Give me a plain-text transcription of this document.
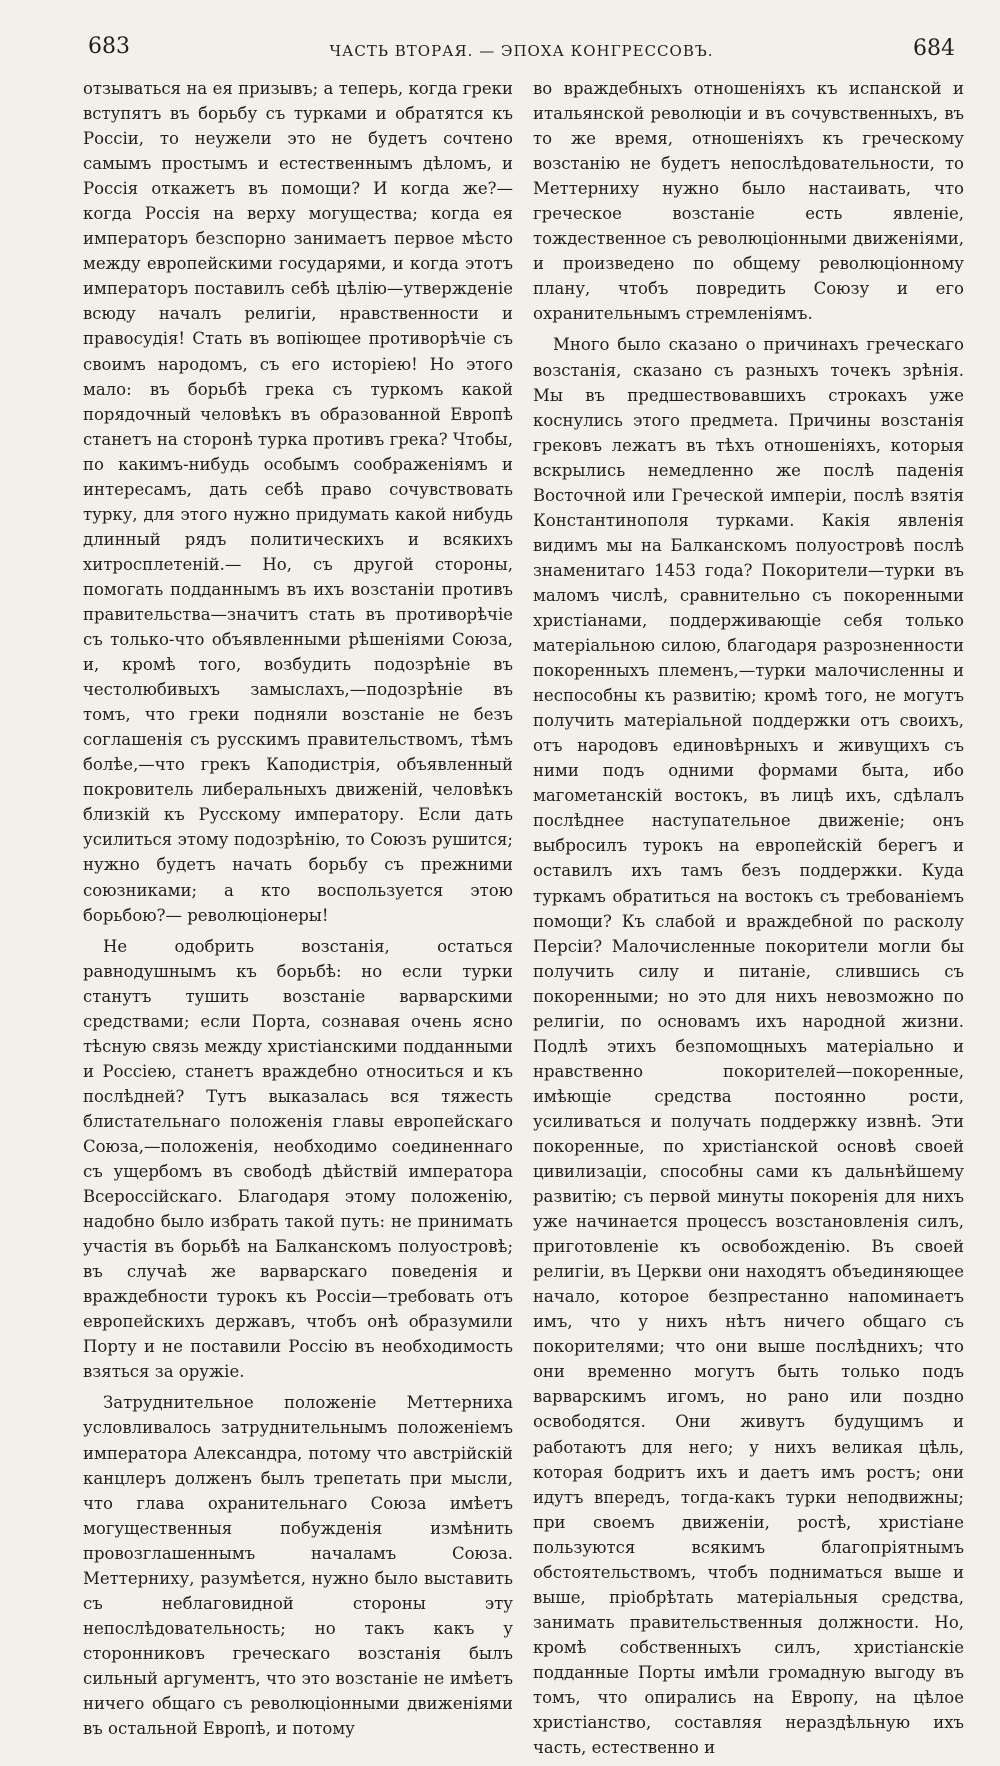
683	ЧАСТЬ ВТОРАЯ. — ЭПОХА КОНГРЕССОВЪ.	684

отзываться на ея призывъ; а теперь, когда греки вступятъ въ борьбу съ турками и обратятся къ Россіи, то неужели это не будетъ сочтено самымъ простымъ и естественнымъ дѣломъ, и Россія откажетъ въ помощи? И когда же?—когда Россія на верху могущества; когда ея императоръ безспорно занимаетъ первое мѣсто между европейскими государями, и когда этотъ императоръ поставилъ себѣ цѣлію—утвержденіе всюду началъ религіи, нравственности и правосудія! Стать въ вопіющее противорѣчіе съ своимъ народомъ, съ его исторіею! Но этого мало: въ борьбѣ грека съ туркомъ какой порядочный человѣкъ въ образованной Европѣ станетъ на сторонѣ турка противъ грека? Чтобы, по какимъ-нибудь особымъ соображеніямъ и интересамъ, дать себѣ право сочувствовать турку, для этого нужно придумать какой нибудь длинный рядъ политическихъ и всякихъ хитросплетеній.— Но, съ другой стороны, помогать подданнымъ въ ихъ возстаніи противъ правительства—значитъ стать въ противорѣчіе съ только-что объявленными рѣшеніями Союза, и, кромѣ того, возбудить подозрѣніе въ честолюбивыхъ замыслахъ,—подозрѣніе въ томъ, что греки подняли возстаніе не безъ соглашенія съ русскимъ правительствомъ, тѣмъ болѣе,—что грекъ Каподистрія, объявленный покровитель либеральныхъ движеній, человѣкъ близкій къ Русскому императору. Если дать усилиться этому подозрѣнію, то Союзъ рушится; нужно будетъ начать борьбу съ прежними союзниками; а кто воспользуется этою борьбою?— революціонеры!

Не одобрить возстанія, остаться равнодушнымъ къ борьбѣ: но если турки станутъ тушить возстаніе варварскими средствами; если Порта, сознавая очень ясно тѣсную связь между христіанскими подданными и Россіею, станетъ враждебно относиться и къ послѣдней? Тутъ выказалась вся тяжесть блистательнаго положенія главы европейскаго Союза,—положенія, необходимо соединеннаго съ ущербомъ въ свободѣ дѣйствій императора Всероссійскаго. Благодаря этому положенію, надобно было избрать такой путь: не принимать участія въ борьбѣ на Балканскомъ полуостровѣ; въ случаѣ же варварскаго поведенія и враждебности турокъ къ Россіи—требовать отъ европейскихъ державъ, чтобъ онѣ образумили Порту и не поставили Россію въ необходимость взяться за оружіе.

Затруднительное положеніе Меттерниха условливалось затруднительнымъ положеніемъ императора Александра, потому что австрійскій канцлеръ долженъ былъ трепетать при мысли, что глава охранительнаго Союза имѣетъ могущественныя побужденія измѣнить провозглашеннымъ началамъ Союза. Меттерниху, разумѣется, нужно было выставить съ неблаговидной стороны эту непослѣдовательность; но такъ какъ у сторонниковъ греческаго возстанія былъ сильный аргументъ, что это возстаніе не имѣетъ ничего общаго съ революціонными движеніями въ остальной Европѣ, и потому

во враждебныхъ отношеніяхъ къ испанской и итальянской революціи и въ сочувственныхъ, въ то же время, отношеніяхъ къ греческому возстанію не будетъ непослѣдовательности, то Меттерниху нужно было настаивать, что греческое возстаніе есть явленіе, тождественное съ революціонными движеніями, и произведено по общему революціонному плану, чтобъ повредить Союзу и его охранительнымъ стремленіямъ.

Много было сказано о причинахъ греческаго возстанія, сказано съ разныхъ точекъ зрѣнія. Мы въ предшествовавшихъ строкахъ уже коснулись этого предмета. Причины возстанія грековъ лежатъ въ тѣхъ отношеніяхъ, которыя вскрылись немедленно же послѣ паденія Восточной или Греческой имперіи, послѣ взятія Константинополя турками. Какія явленія видимъ мы на Балканскомъ полуостровѣ послѣ знаменитаго 1453 года? Покорители—турки въ маломъ числѣ, сравнительно съ покоренными христіанами, поддерживающіе себя только матеріальною силою, благодаря разрозненности покоренныхъ племенъ,—турки малочисленны и неспособны къ развитію; кромѣ того, не могутъ получить матеріальной поддержки отъ своихъ, отъ народовъ единовѣрныхъ и живущихъ съ ними подъ одними формами быта, ибо магометанскій востокъ, въ лицѣ ихъ, сдѣлалъ послѣднее наступательное движеніе; онъ выбросилъ турокъ на европейскій берегъ и оставилъ ихъ тамъ безъ поддержки. Куда туркамъ обратиться на востокъ съ требованіемъ помощи? Къ слабой и враждебной по расколу Персіи? Малочисленные покорители могли бы получить силу и питаніе, слившись съ покоренными; но это для нихъ невозможно по религіи, по основамъ ихъ народной жизни. Подлѣ этихъ безпомощныхъ матеріально и нравственно покорителей—покоренные, имѣющіе средства постоянно рости, усиливаться и получать поддержку извнѣ. Эти покоренные, по христіанской основѣ своей цивилизаціи, способны сами къ дальнѣйшему развитію; съ первой минуты покоренія для нихъ уже начинается процессъ возстановленія силъ, приготовленіе къ освобожденію. Въ своей религіи, въ Церкви они находятъ объединяющее начало, которое безпрестанно напоминаетъ имъ, что у нихъ нѣтъ ничего общаго съ покорителями; что они выше послѣднихъ; что они временно могутъ быть только подъ варварскимъ игомъ, но рано или поздно освободятся. Они живутъ будущимъ и работаютъ для него; у нихъ великая цѣль, которая бодритъ ихъ и даетъ имъ ростъ; они идутъ впередъ, тогда-какъ турки неподвижны; при своемъ движеніи, ростѣ, христіане пользуются всякимъ благопріятнымъ обстоятельствомъ, чтобъ подниматься выше и выше, пріобрѣтать матеріальныя средства, занимать правительственныя должности. Но, кромѣ собственныхъ силъ, христіанскіе подданные Порты имѣли громадную выгоду въ томъ, что опирались на Европу, на цѣлое христіанство, составляя нераздѣльную ихъ часть, естественно и
